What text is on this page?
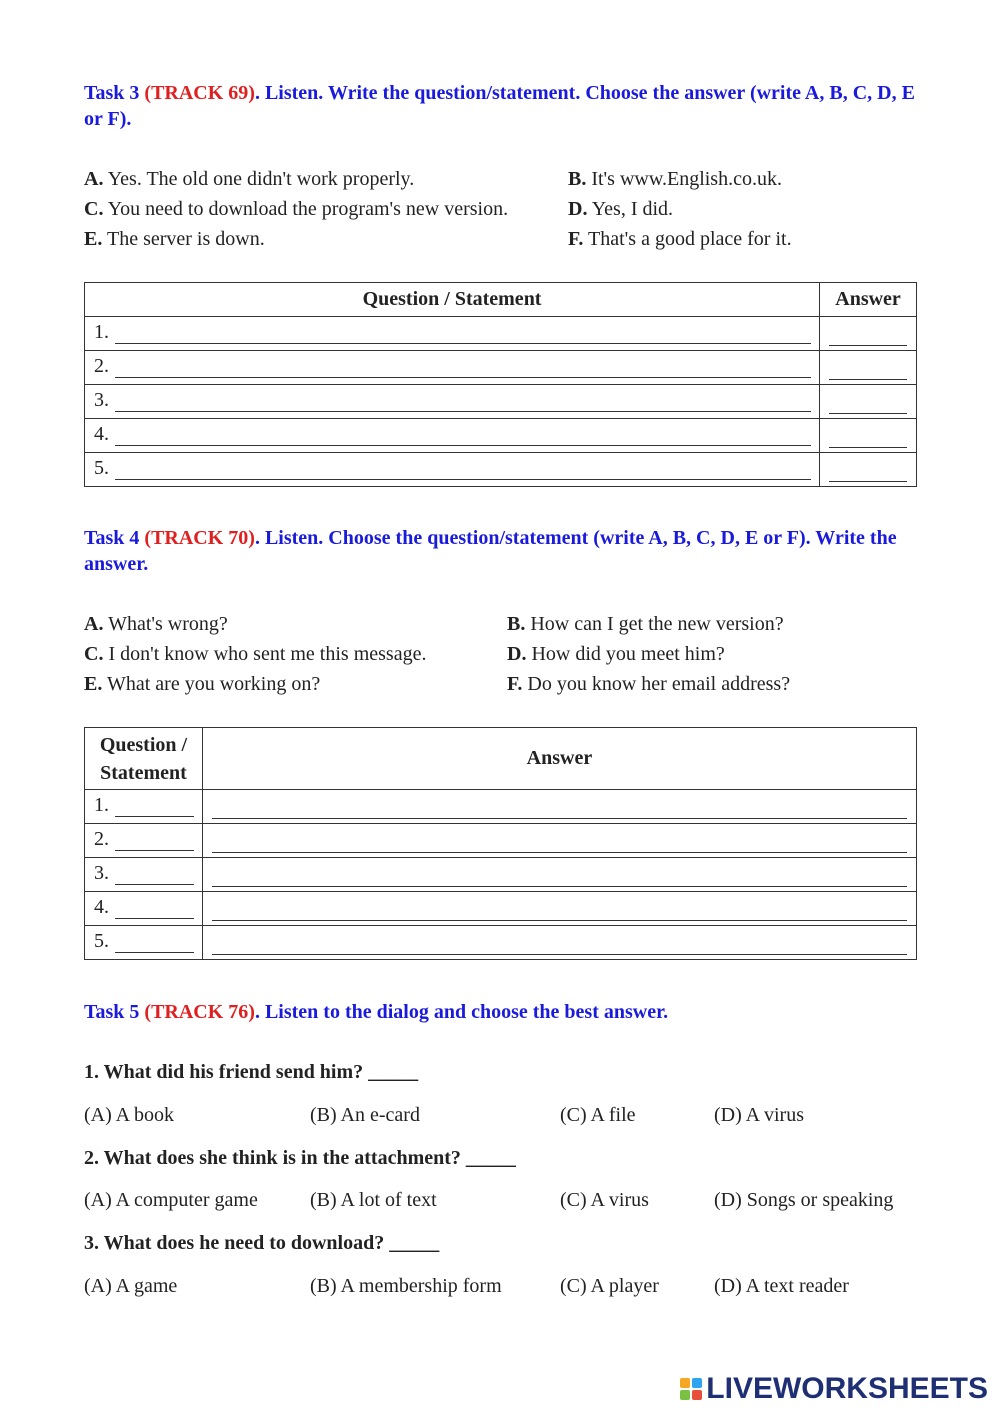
Task 3 (TRACK 69). Listen. Write the question/statement. Choose the answer (write A, B, C, D, E or F).
A. Yes. The old one didn't work properly.	B. It's www.English.co.uk.
C. You need to download the program's new version.	D. Yes, I did.
E. The server is down.	F. That's a good place for it.
Question / Statement	Answer

1.	

2.	

3.	

4.	

5.	

Task 4 (TRACK 70). Listen. Choose the question/statement (write A, B, C, D, E or F). Write the answer.
A. What's wrong?	B. How can I get the new version?
C. I don't know who sent me this message.	D. How did you meet him?
E. What are you working on?	F. Do you know her email address?
Question /
Statement	Answer

1.	

2.	

3.	

4.	

5.	

Task 5 (TRACK 76). Listen to the dialog and choose the best answer.
1. What did his friend send him? _____
(A) A book	(B) An e-card	(C) A file	(D) A virus
2. What does she think is in the attachment? _____
(A) A computer game	(B) A lot of text	(C) A virus	(D) Songs or speaking
3. What does he need to download? _____
(A) A game	(B) A membership form	(C) A player	(D) A text reader
LIVEWORKSHEETS
